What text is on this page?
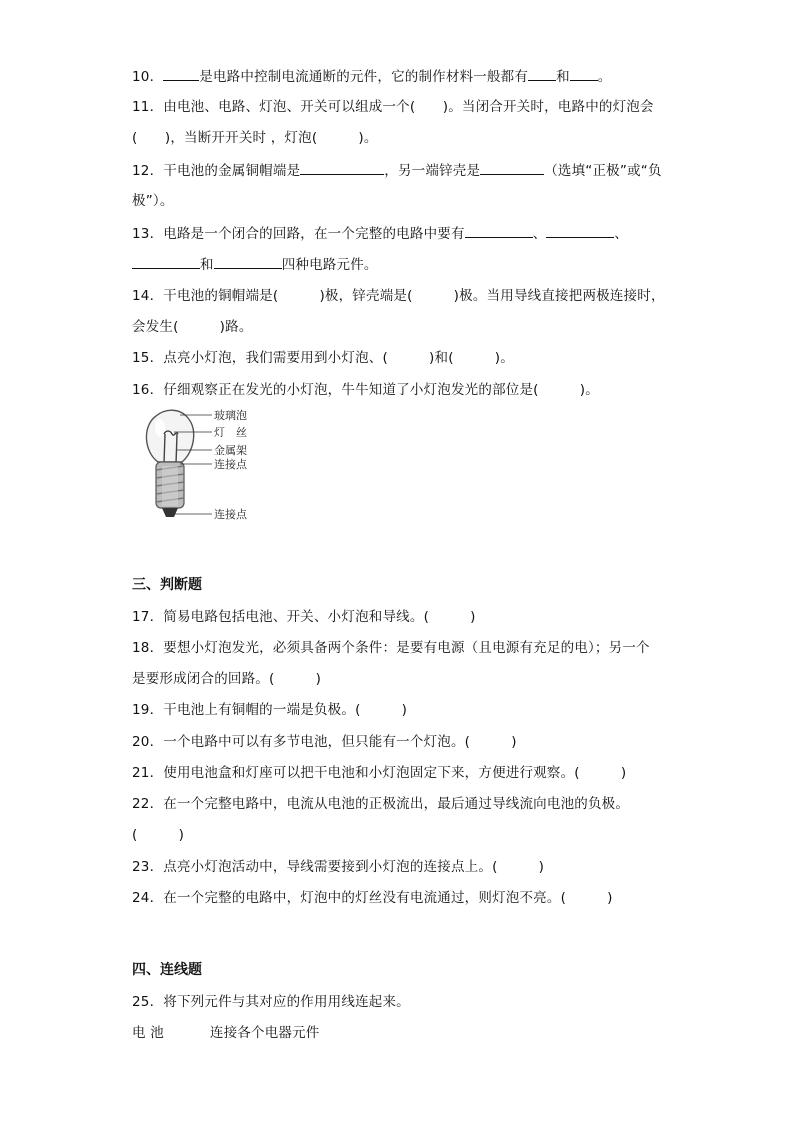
10．	是电路中控制电流通断的元件，它的制作材料一般都有 和 。
11．由电池、电路、灯泡、开关可以组成一个(　　)。当闭合开关时，电路中的灯泡会
(　　)，当断开开关时 ，灯泡(　　　)。
12．干电池的金属铜帽端是	，另一端锌壳是	（选填“正极”或“负
极”）。
13．电路是一个闭合的回路，在一个完整的电路中要有	、	、
和	四种电路元件。
14．干电池的铜帽端是(　　　)极，锌壳端是(　　　)极。当用导线直接把两极连接时，
会发生(　　　)路。
15．点亮小灯泡，我们需要用到小灯泡、(　　　)和(　　　)。
16．仔细观察正在发光的小灯泡，牛牛知道了小灯泡发光的部位是(　　　)。
玻璃泡
灯　丝
金属架
连接点
连接点
三、判断题
17．简易电路包括电池、开关、小灯泡和导线。(　　　)
18．要想小灯泡发光，必须具备两个条件：是要有电源（且电源有充足的电）；另一个
是要形成闭合的回路。(　　　)
19．干电池上有铜帽的一端是负极。(　　　)
20．一个电路中可以有多节电池，但只能有一个灯泡。(　　　)
21．使用电池盒和灯座可以把干电池和小灯泡固定下来，方便进行观察。(　　　)
22．在一个完整电路中，电流从电池的正极流出，最后通过导线流向电池的负极。
(　　　)
23．点亮小灯泡活动中，导线需要接到小灯泡的连接点上。(　　　)
24．在一个完整的电路中，灯泡中的灯丝没有电流通过，则灯泡不亮。(　　　)
四、连线题
25．将下列元件与其对应的作用用线连起来。
电 池	连接各个电器元件
